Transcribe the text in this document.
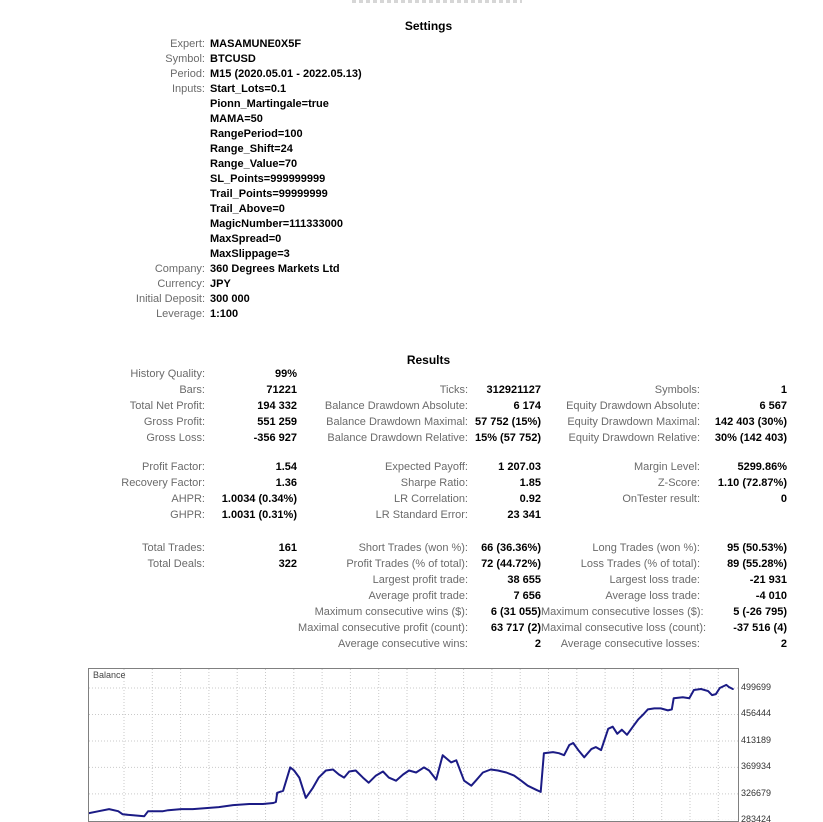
Settings
Expert: MASAMUNE0X5F
Symbol: BTCUSD
Period: M15 (2020.05.01 - 2022.05.13)
Inputs: Start_Lots=0.1
Pionn_Martingale=true
MAMA=50
RangePeriod=100
Range_Shift=24
Range_Value=70
SL_Points=999999999
Trail_Points=99999999
Trail_Above=0
MagicNumber=111333000
MaxSpread=0
MaxSlippage=3
Company: 360 Degrees Markets Ltd
Currency: JPY
Initial Deposit: 300 000
Leverage: 1:100
Results
History Quality:	99%
Bars:	71221	Ticks:	312921127	Symbols:	1
Total Net Profit:	194 332	Balance Drawdown Absolute:	6 174	Equity Drawdown Absolute:	6 567
Gross Profit:	551 259	Balance Drawdown Maximal: 57 752 (15%)	Equity Drawdown Maximal:	142 403 (30%)
Gross Loss:	-356 927	Balance Drawdown Relative: 15% (57 752)	Equity Drawdown Relative:	30% (142 403)
Profit Factor:	1.54	Expected Payoff:	1 207.03	Margin Level:	5299.86%
Recovery Factor:	1.36	Sharpe Ratio:	1.85	Z-Score:	1.10 (72.87%)
AHPR:	1.0034 (0.34%)	LR Correlation:	0.92	OnTester result:	0
GHPR:	1.0031 (0.31%)	LR Standard Error:	23 341
Total Trades:	161	Short Trades (won %):	66 (36.36%)	Long Trades (won %):	95 (50.53%)
Total Deals:	322	Profit Trades (% of total):	72 (44.72%)	Loss Trades (% of total):	89 (55.28%)
Largest profit trade:	38 655	Largest loss trade:	-21 931
Average profit trade:	7 656	Average loss trade:	-4 010
Maximum consecutive wins ($):	6 (31 055) Maximum consecutive losses ($):	5 (-26 795)
Maximal consecutive profit (count):	63 717 (2) Maximal consecutive loss (count):	-37 516 (4)
Average consecutive wins:	2	Average consecutive losses:	2
Balance
499699
456444
413189
369934
326679
283424
